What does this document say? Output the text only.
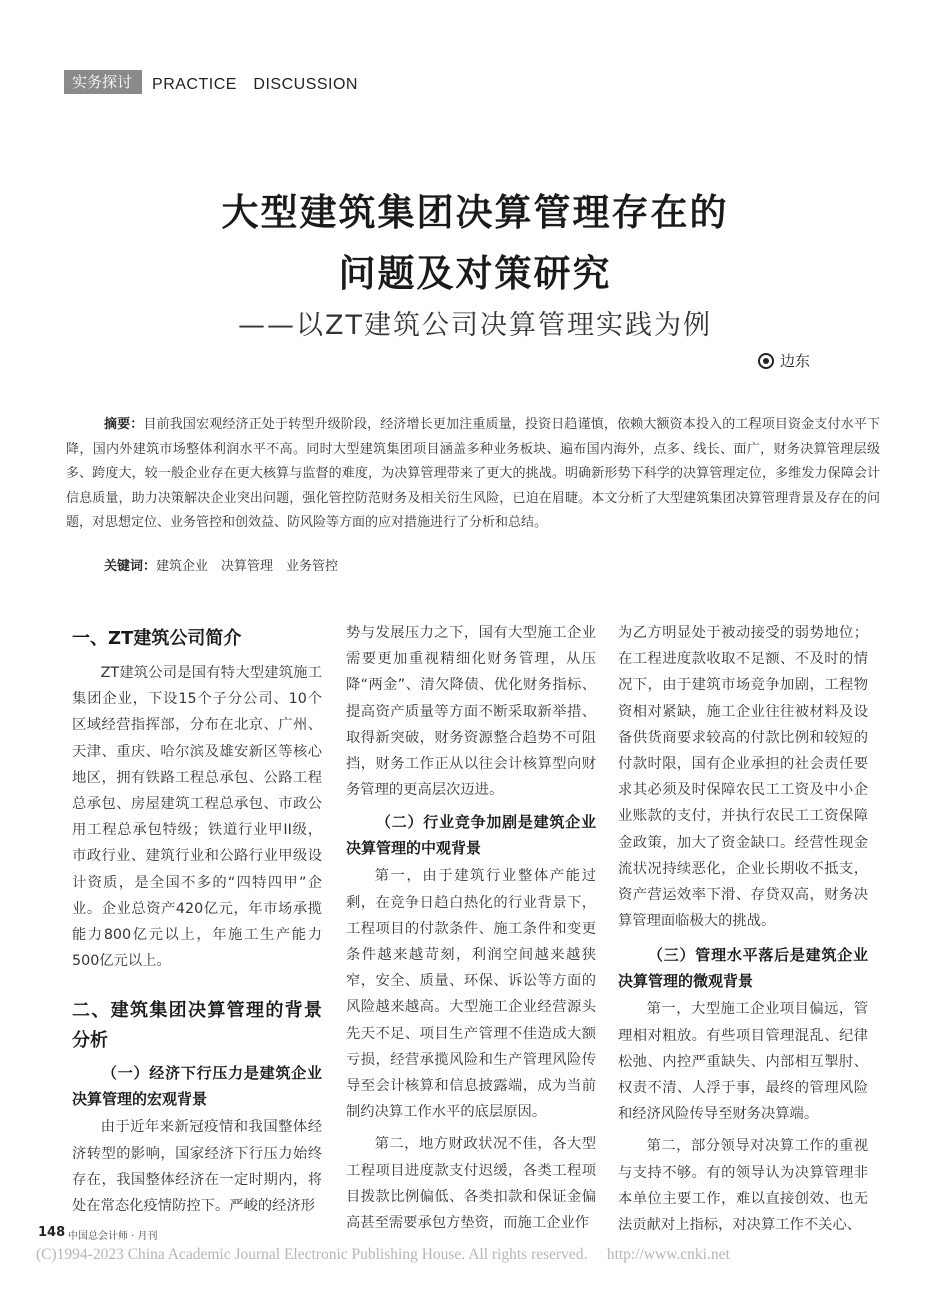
实务探讨	PRACTICE　DISCUSSION
大型建筑集团决算管理存在的
问题及对策研究
——以ZT建筑公司决算管理实践为例
边东
摘要：目前我国宏观经济正处于转型升级阶段，经济增长更加注重质量，投资日趋谨慎，依赖大额资本投入的工程项目资金支付水平下降，国内外建筑市场整体利润水平不高。同时大型建筑集团项目涵盖多种业务板块、遍布国内海外，点多、线长、面广，财务决算管理层级多、跨度大，较一般企业存在更大核算与监督的难度，为决算管理带来了更大的挑战。明确新形势下科学的决算管理定位，多维发力保障会计信息质量，助力决策解决企业突出问题，强化管控防范财务及相关衍生风险，已迫在眉睫。本文分析了大型建筑集团决算管理背景及存在的问题，对思想定位、业务管控和创效益、防风险等方面的应对措施进行了分析和总结。
关键词：建筑企业　决算管理　业务管控
一、ZT建筑公司简介

ZT建筑公司是国有特大型建筑施工集团企业，下设15个子分公司、10个区域经营指挥部，分布在北京、广州、天津、重庆、哈尔滨及雄安新区等核心地区，拥有铁路工程总承包、公路工程总承包、房屋建筑工程总承包、市政公用工程总承包特级；铁道行业甲II级，市政行业、建筑行业和公路行业甲级设计资质，是全国不多的“四特四甲”企业。企业总资产420亿元，年市场承揽能力800亿元以上，年施工生产能力500亿元以上。

二、建筑集团决算管理的背景分析
（一）经济下行压力是建筑企业决算管理的宏观背景

由于近年来新冠疫情和我国整体经济转型的影响，国家经济下行压力始终存在，我国整体经济在一定时期内，将处在常态化疫情防控下。严峻的经济形

势与发展压力之下，国有大型施工企业需要更加重视精细化财务管理，从压降“两金”、清欠降债、优化财务指标、提高资产质量等方面不断采取新举措、取得新突破，财务资源整合趋势不可阻挡，财务工作正从以往会计核算型向财务管理的更高层次迈进。

（二）行业竞争加剧是建筑企业决算管理的中观背景

第一，由于建筑行业整体产能过剩，在竞争日趋白热化的行业背景下，工程项目的付款条件、施工条件和变更条件越来越苛刻，利润空间越来越狭窄，安全、质量、环保、诉讼等方面的风险越来越高。大型施工企业经营源头先天不足、项目生产管理不佳造成大额亏损，经营承揽风险和生产管理风险传导至会计核算和信息披露端，成为当前制约决算工作水平的底层原因。

第二，地方财政状况不佳，各大型工程项目进度款支付迟缓，各类工程项目拨款比例偏低、各类扣款和保证金偏高甚至需要承包方垫资，而施工企业作

为乙方明显处于被动接受的弱势地位；在工程进度款收取不足额、不及时的情况下，由于建筑市场竞争加剧，工程物资相对紧缺，施工企业往往被材料及设备供货商要求较高的付款比例和较短的付款时限，国有企业承担的社会责任要求其必须及时保障农民工工资及中小企业账款的支付，并执行农民工工资保障金政策，加大了资金缺口。经营性现金流状况持续恶化，企业长期收不抵支，资产营运效率下滑、存贷双高，财务决算管理面临极大的挑战。

（三）管理水平落后是建筑企业决算管理的微观背景

第一，大型施工企业项目偏远，管理相对粗放。有些项目管理混乱、纪律松弛、内控严重缺失、内部相互掣肘、权责不清、人浮于事，最终的管理风险和经济风险传导至财务决算端。

第二，部分领导对决算工作的重视与支持不够。有的领导认为决算管理非本单位主要工作，难以直接创效、也无法贡献对上指标，对决算工作不关心、

148 中国总会计师 · 月刊
(C)1994-2023 China Academic Journal Electronic Publishing House. All rights reserved.　 http://www.cnki.net
